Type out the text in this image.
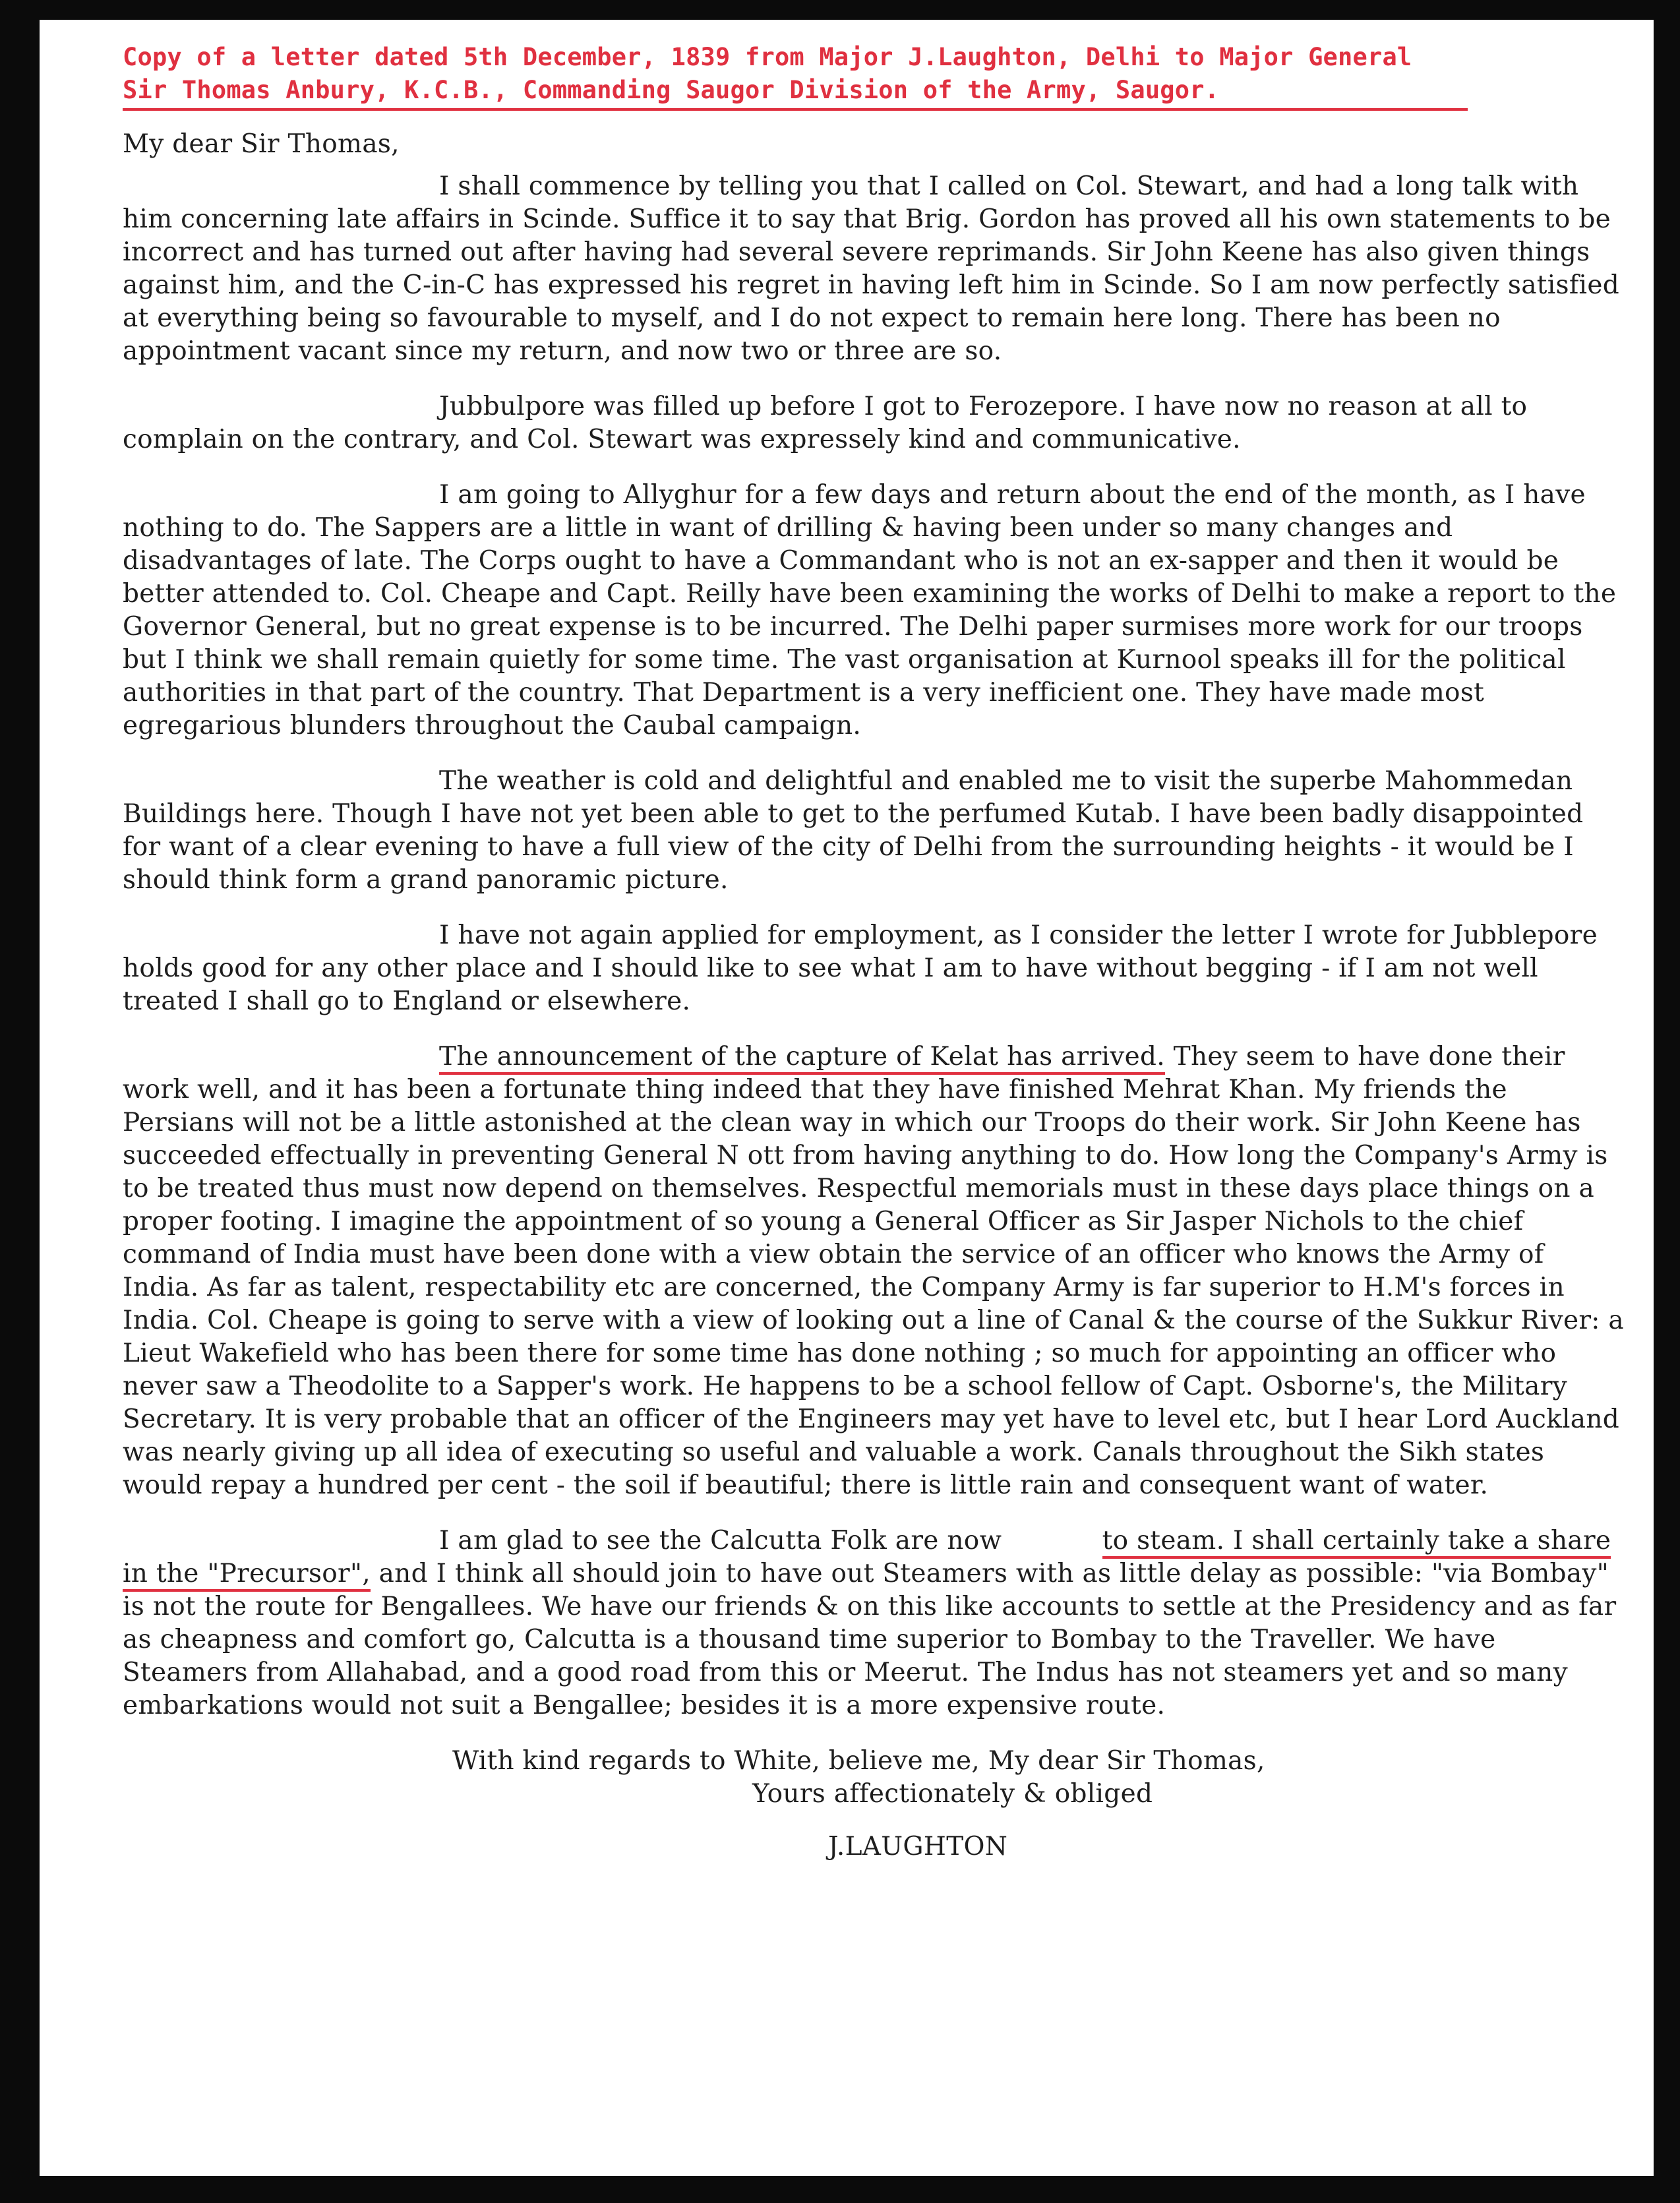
Copy of a letter dated 5th December, 1839 from Major J.Laughton, Delhi to Major General
Sir Thomas Anbury, K.C.B., Commanding Saugor Division of the Army, Saugor.
My dear Sir Thomas,

I shall commence by telling you that I called on Col. Stewart, and had a long talk with him concerning late affairs in Scinde. Suffice it to say that Brig. Gordon has proved all his own statements to be incorrect and has turned out after having had several severe reprimands. Sir John Keene has also given things against him, and the C-in-C has expressed his regret in having left him in Scinde. So I am now perfectly satisfied at everything being so favourable to myself, and I do not expect to remain here long. There has been no appointment vacant since my return, and now two or three are so.

Jubbulpore was filled up before I got to Ferozepore. I have now no reason at all to complain on the contrary, and Col. Stewart was expressely kind and communicative.

I am going to Allyghur for a few days and return about the end of the month, as I have nothing to do. The Sappers are a little in want of drilling & having been under so many changes and disadvantages of late. The Corps ought to have a Commandant who is not an ex-sapper and then it would be better attended to. Col. Cheape and Capt. Reilly have been examining the works of Delhi to make a report to the Governor General, but no great expense is to be incurred. The Delhi paper surmises more work for our troops but I think we shall remain quietly for some time. The vast organisation at Kurnool speaks ill for the political authorities in that part of the country. That Department is a very inefficient one. They have made most egregarious blunders throughout the Caubal campaign.

The weather is cold and delightful and enabled me to visit the superbe Mahommedan Buildings here. Though I have not yet been able to get to the perfumed Kutab. I have been badly disappointed for want of a clear evening to have a full view of the city of Delhi from the surrounding heights - it would be I should think form a grand panoramic picture.

I have not again applied for employment, as I consider the letter I wrote for Jubblepore holds good for any other place and I should like to see what I am to have without begging - if I am not well treated I shall go to England or elsewhere.

The announcement of the capture of Kelat has arrived. They seem to have done their work well, and it has been a fortunate thing indeed that they have finished Mehrat Khan. My friends the Persians will not be a little astonished at the clean way in which our Troops do their work. Sir John Keene has succeeded effectually in preventing General N ott from having anything to do. How long the Company's Army is to be treated thus must now depend on themselves. Respectful memorials must in these days place things on a proper footing. I imagine the appointment of so young a General Officer as Sir Jasper Nichols to the chief command of India must have been done with a view obtain the service of an officer who knows the Army of India. As far as talent, respectability etc are concerned, the Company Army is far superior to H.M's forces in India. Col. Cheape is going to serve with a view of looking out a line of Canal & the course of the Sukkur River: a Lieut Wakefield who has been there for some time has done nothing ; so much for appointing an officer who never saw a Theodolite to a Sapper's work. He happens to be a school fellow of Capt. Osborne's, the Military Secretary. It is very probable that an officer of the Engineers may yet have to level etc, but I hear Lord Auckland was nearly giving up all idea of executing so useful and valuable a work. Canals throughout the Sikh states would repay a hundred per cent - the soil if beautiful; there is little rain and consequent want of water.

I am glad to see the Calcutta Folk are now            to steam. I shall certainly take a share in the "Precursor", and I think all should join to have out Steamers with as little delay as possible: "via Bombay" is not the route for Bengallees. We have our friends & on this like accounts to settle at the Presidency and as far as cheapness and comfort go, Calcutta is a thousand time superior to Bombay to the Traveller. We have Steamers from Allahabad, and a good road from this or Meerut. The Indus has not steamers yet and so many embarkations would not suit a Bengallee; besides it is a more expensive route.

With kind regards to White, believe me, My dear Sir Thomas,
Yours affectionately & obliged
J.LAUGHTON
